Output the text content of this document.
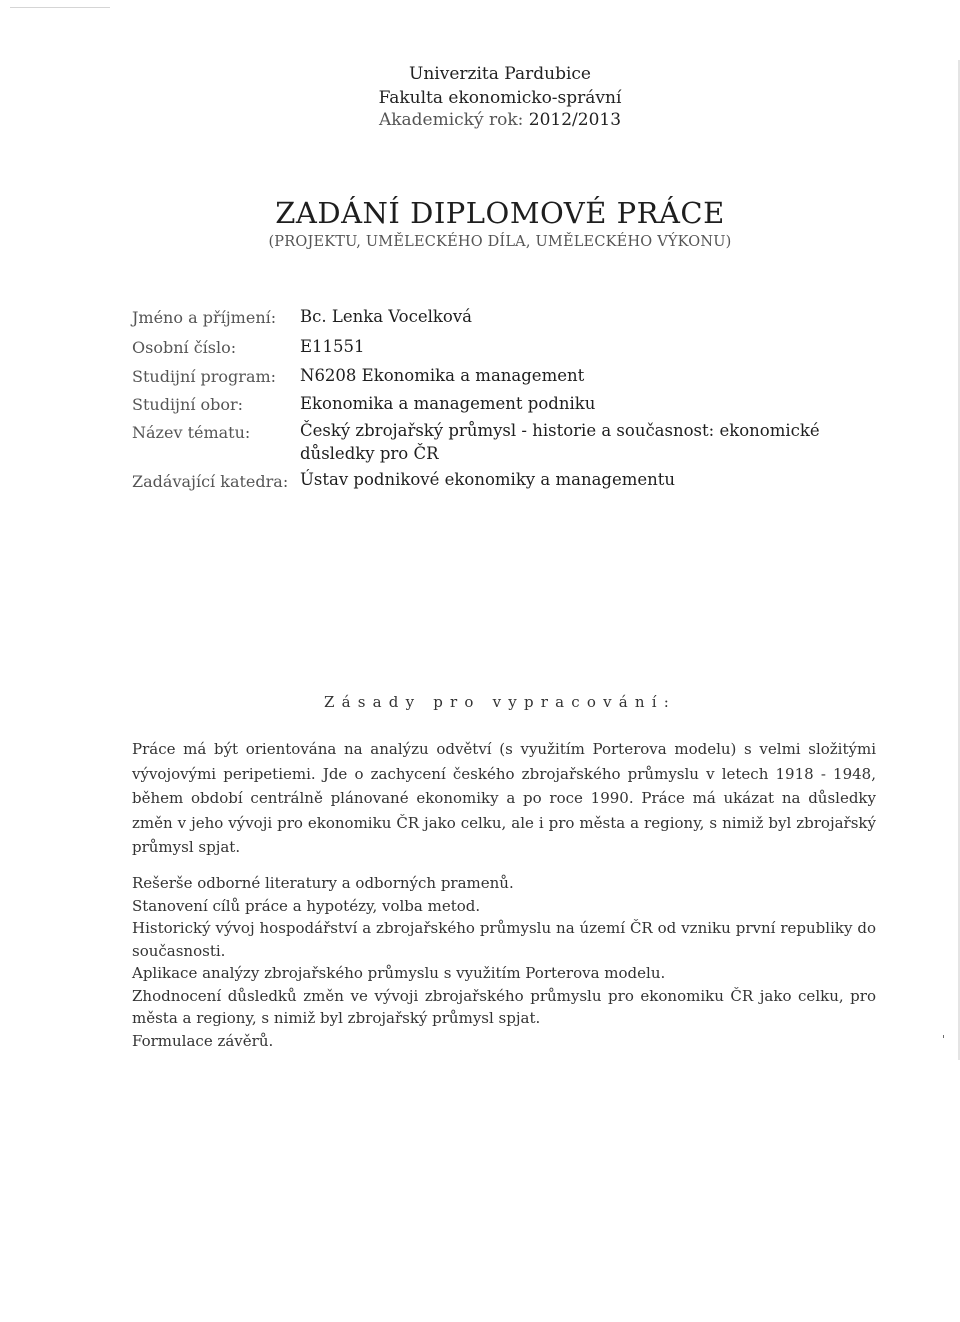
Univerzita Pardubice
Fakulta ekonomicko-správní
Akademický rok: 2012/2013
ZADÁNÍ DIPLOMOVÉ PRÁCE
(PROJEKTU, UMĚLECKÉHO DÍLA, UMĚLECKÉHO VÝKONU)
Jméno a příjmení: Bc. Lenka Vocelková
Osobní číslo:	E11551
Studijní program: N6208 Ekonomika a management
Studijní obor:	Ekonomika a management podniku
Název tématu:	Český zbrojařský průmysl - historie a současnost: ekonomické důsledky pro ČR
Zadávající katedra: Ústav podnikové ekonomiky a managementu
Zásady pro vypracování:
Práce má být orientována na analýzu odvětví (s využitím Porterova modelu) s velmi složitými vývojovými peripetiemi. Jde o zachycení českého zbrojařského průmyslu v letech 1918 - 1948, během období centrálně plánované ekonomiky a po roce 1990. Práce má ukázat na důsledky změn v jeho vývoji pro ekonomiku ČR jako celku, ale i pro města a regiony, s nimiž byl zbrojařský průmysl spjat.
Rešerše odborné literatury a odborných pramenů.
Stanovení cílů práce a hypotézy, volba metod.
Historický vývoj hospodářství a zbrojařského průmyslu na území ČR od vzniku první republiky do současnosti.
Aplikace analýzy zbrojařského průmyslu s využitím Porterova modelu.
Zhodnocení důsledků změn ve vývoji zbrojařského průmyslu pro ekonomiku ČR jako celku, pro města a regiony, s nimiž byl zbrojařský průmysl spjat.
Formulace závěrů.	'
